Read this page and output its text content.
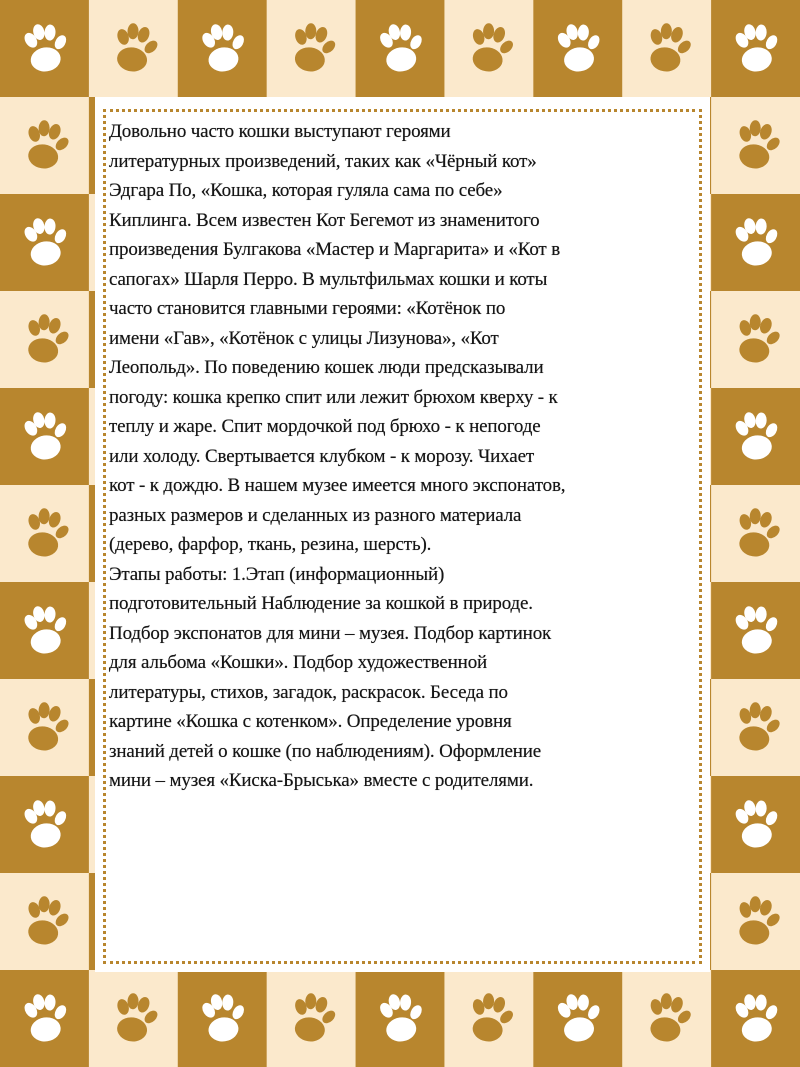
Довольно часто кошки выступают героями
литературных произведений, таких как «Чёрный кот»
Эдгара По, «Кошка, которая гуляла сама по себе»
Киплинга. Всем известен Кот Бегемот из знаменитого
произведения Булгакова «Мастер и Маргарита» и «Кот в
сапогах» Шарля Перро. В мультфильмах кошки и коты
часто становится главными героями: «Котёнок по
имени «Гав», «Котёнок с улицы Лизунова», «Кот
Леопольд». По поведению кошек люди предсказывали
погоду: кошка крепко спит или лежит брюхом кверху - к
теплу и жаре. Спит мордочкой под брюхо - к непогоде
или холоду. Свертывается клубком - к морозу. Чихает
кот - к дождю. В нашем музее имеется много экспонатов,
разных размеров и сделанных из разного материала
(дерево, фарфор, ткань, резина, шерсть).
Этапы работы: 1.Этап (информационный)
подготовительный Наблюдение за кошкой в природе.
Подбор экспонатов для мини – музея. Подбор картинок
для альбома «Кошки». Подбор художественной
литературы, стихов, загадок, раскрасок. Беседа по
картине «Кошка с котенком». Определение уровня
знаний детей о кошке (по наблюдениям). Оформление
мини – музея «Киска-Брыська» вместе с родителями.
